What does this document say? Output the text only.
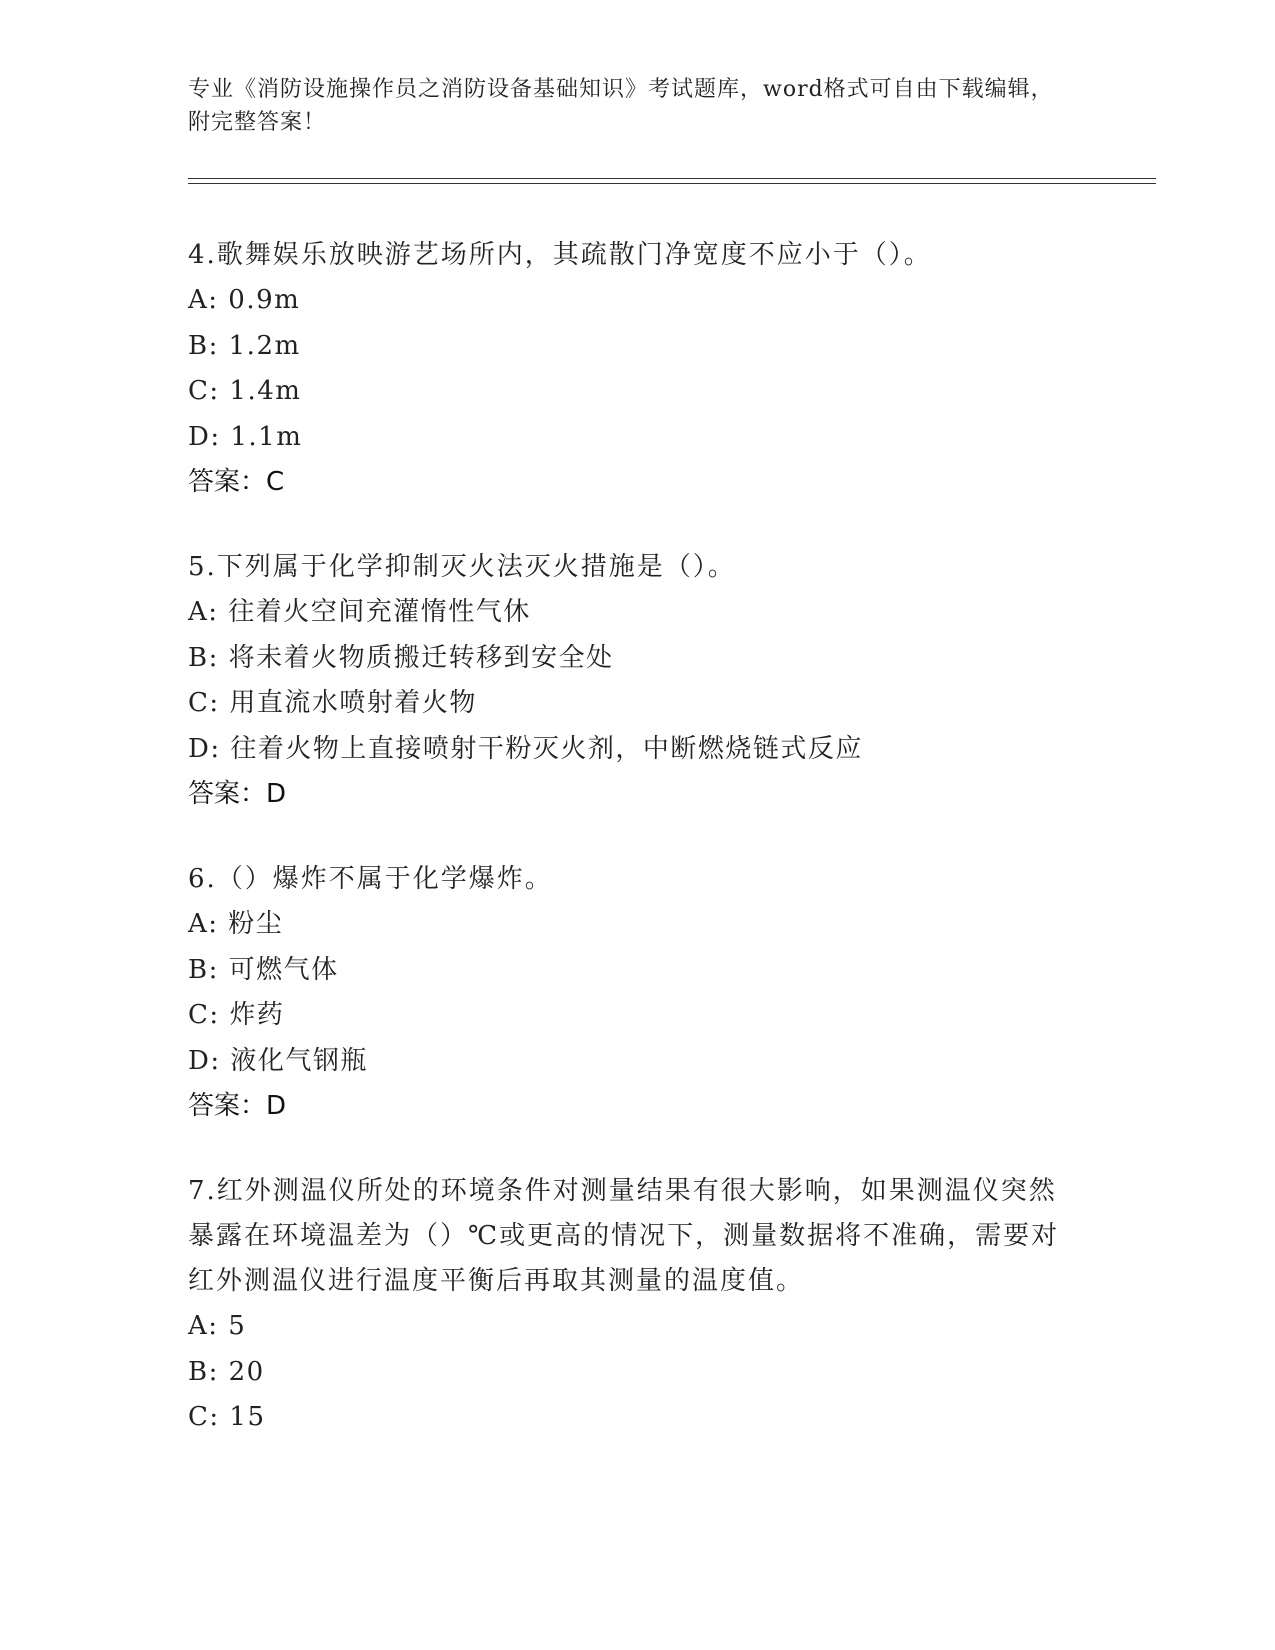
专业《消防设施操作员之消防设备基础知识》考试题库，word格式可自由下载编辑，附完整答案！

4.歌舞娱乐放映游艺场所内，其疏散门净宽度不应小于（）。

A: 0.9m

B: 1.2m

C: 1.4m

D: 1.1m

答案：C

5.下列属于化学抑制灭火法灭火措施是（）。

A: 往着火空间充灌惰性气休

B: 将未着火物质搬迁转移到安全处

C: 用直流水喷射着火物

D: 往着火物上直接喷射干粉灭火剂，中断燃烧链式反应

答案：D

6.（）爆炸不属于化学爆炸。

A: 粉尘

B: 可燃气体

C: 炸药

D: 液化气钢瓶

答案：D

7.红外测温仪所处的环境条件对测量结果有很大影响，如果测温仪突然暴露在环境温差为（）℃或更高的情况下，测量数据将不准确，需要对红外测温仪进行温度平衡后再取其测量的温度值。

A: 5

B: 20

C: 15
